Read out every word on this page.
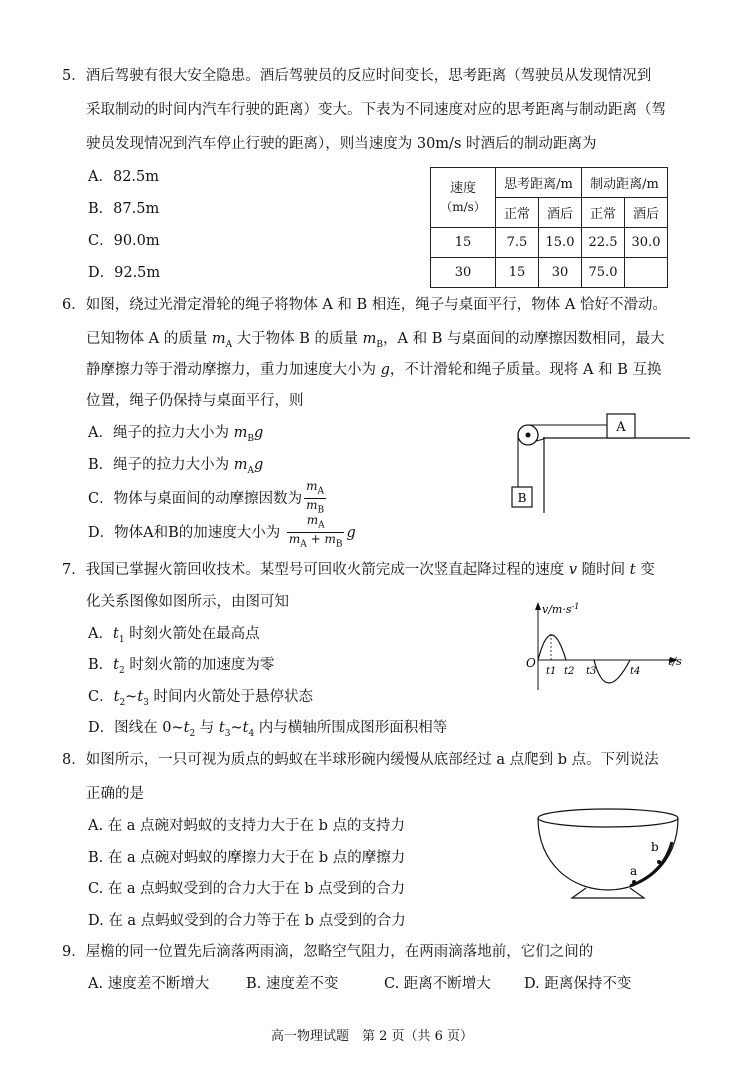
5．酒后驾驶有很大安全隐患。酒后驾驶员的反应时间变长，思考距离（驾驶员从发现情况到
采取制动的时间内汽车行驶的距离）变大。下表为不同速度对应的思考距离与制动距离（驾
驶员发现情况到汽车停止行驶的距离），则当速度为 30m/s 时酒后的制动距离为
A．82.5m
B．87.5m
C．90.0m
D．92.5m
速度
（m/s）	思考距离/m		制动距离/m	
	正常	酒后	正常	酒后
15	7.5	15.0	22.5	30.0
30	15	30	75.0	
6．如图，绕过光滑定滑轮的绳子将物体 A 和 B 相连，绳子与桌面平行，物体 A 恰好不滑动。
已知物体 A 的质量 $m_A$ 大于物体 B 的质量 $m_B$，A 和 B 与桌面间的动摩擦因数相同，最大
静摩擦力等于滑动摩擦力，重力加速度大小为 g，不计滑轮和绳子质量。现将 A 和 B 互换
位置，绳子仍保持与桌面平行，则
A．绳子的拉力大小为 $m_Bg$
B．绳子的拉力大小为 $m_Ag$
C．物体与桌面间的动摩擦因数为 $\frac{m_A}{m_B}$
D．物体A和B的加速度大小为 $\frac{m_A}{m_A + m_B}$ g
A
B
7．我国已掌握火箭回收技术。某型号可回收火箭完成一次竖直起降过程的速度 v 随时间 t 变
化关系图像如图所示，由图可知
A．$t_1$ 时刻火箭处在最高点
B．$t_2$ 时刻火箭的加速度为零
C．$t_2\sim t_3$ 时间内火箭处于悬停状态
D．图线在 $0\sim t_2$ 与 $t_3\sim t_4$ 内与横轴所围成图形面积相等
O
$v/m\cdot s^{-1}$
t/s
t1 t2 t3	t4
8．如图所示，一只可视为质点的蚂蚁在半球形碗内缓慢从底部经过 a 点爬到 b 点。下列说法
正确的是
A. 在 a 点碗对蚂蚁的支持力大于在 b 点的支持力
B. 在 a 点碗对蚂蚁的摩擦力大于在 b 点的摩擦力
C. 在 a 点蚂蚁受到的合力大于在 b 点受到的合力
D. 在 a 点蚂蚁受到的合力等于在 b 点受到的合力
a
b
9．屋檐的同一位置先后滴落两雨滴，忽略空气阻力，在两雨滴落地前，它们之间的
A. 速度差不断增大	B. 速度差不变	C. 距离不断增大 D. 距离保持不变
高一物理试题　第 2 页（共 6 页）
